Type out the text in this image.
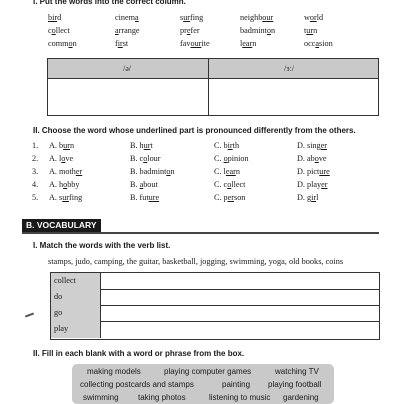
I. Put the words into the correct column.
bird	cinema	surfing	neighbour	world
collect	arrange	prefer	badminton	turn
common	first	favourite	learn	occasion
/ə/	/ɜː/
II. Choose the word whose underlined part is pronounced differently from the others.
1. A. burn	B. hurt	C. birth	D. singer
2. A. love	B. colour	C. opinion	D. above
3. A. mother	B. badminton	C. learn	D. picture
4. A. hobby	B. about	C. collect	D. player
5. A. surfing	B. future	C. person	D. girl
B. VOCABULARY
I. Match the words with the verb list.
stamps, judo, camping, the guitar, basketball, jogging, swimming, yoga, old books, coins
collect
do
go
play
II. Fill in each blank with a word or phrase from the box.
making models	playing computer games	watching TV
collecting postcards and stamps	painting playing football
swimming taking photos	listening to music gardening
